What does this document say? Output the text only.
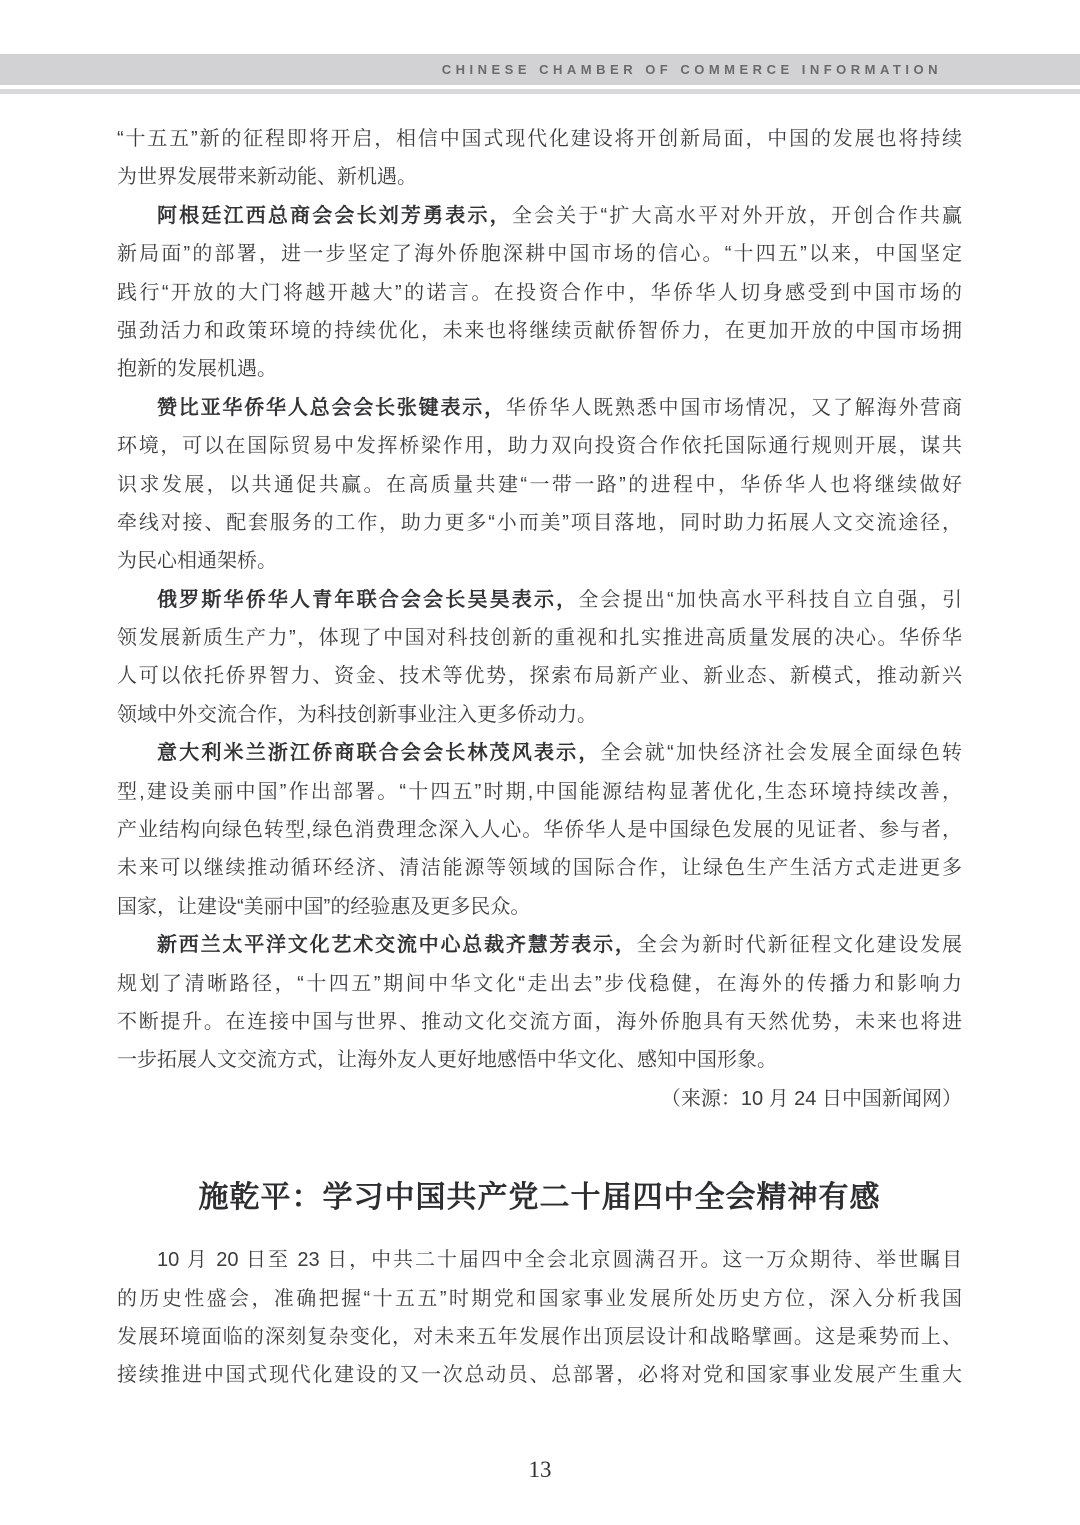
CHINESE CHAMBER OF COMMERCE INFORMATION
“十五五”新的征程即将开启，相信中国式现代化建设将开创新局面，中国的发展也将持续
为世界发展带来新动能、新机遇。
阿根廷江西总商会会长刘芳勇表示，全会关于“扩大高水平对外开放，开创合作共赢
新局面”的部署，进一步坚定了海外侨胞深耕中国市场的信心。“十四五”以来，中国坚定
践行“开放的大门将越开越大”的诺言。在投资合作中，华侨华人切身感受到中国市场的
强劲活力和政策环境的持续优化，未来也将继续贡献侨智侨力，在更加开放的中国市场拥
抱新的发展机遇。
赞比亚华侨华人总会会长张键表示，华侨华人既熟悉中国市场情况，又了解海外营商
环境，可以在国际贸易中发挥桥梁作用，助力双向投资合作依托国际通行规则开展，谋共
识求发展，以共通促共赢。在高质量共建“一带一路”的进程中，华侨华人也将继续做好
牵线对接、配套服务的工作，助力更多“小而美”项目落地，同时助力拓展人文交流途径，
为民心相通架桥。
俄罗斯华侨华人青年联合会会长吴昊表示，全会提出“加快高水平科技自立自强，引
领发展新质生产力”，体现了中国对科技创新的重视和扎实推进高质量发展的决心。华侨华
人可以依托侨界智力、资金、技术等优势，探索布局新产业、新业态、新模式，推动新兴
领域中外交流合作，为科技创新事业注入更多侨动力。
意大利米兰浙江侨商联合会会长林茂风表示，全会就“加快经济社会发展全面绿色转
型,建设美丽中国”作出部署。“十四五”时期,中国能源结构显著优化,生态环境持续改善，
产业结构向绿色转型,绿色消费理念深入人心。华侨华人是中国绿色发展的见证者、参与者，
未来可以继续推动循环经济、清洁能源等领域的国际合作，让绿色生产生活方式走进更多
国家，让建设“美丽中国”的经验惠及更多民众。
新西兰太平洋文化艺术交流中心总裁齐慧芳表示，全会为新时代新征程文化建设发展
规划了清晰路径，“十四五”期间中华文化“走出去”步伐稳健，在海外的传播力和影响力
不断提升。在连接中国与世界、推动文化交流方面，海外侨胞具有天然优势，未来也将进
一步拓展人文交流方式，让海外友人更好地感悟中华文化、感知中国形象。
（来源：10 月 24 日中国新闻网）
施乾平：学习中国共产党二十届四中全会精神有感
10 月 20 日至 23 日，中共二十届四中全会北京圆满召开。这一万众期待、举世瞩目
的历史性盛会，准确把握“十五五”时期党和国家事业发展所处历史方位，深入分析我国
发展环境面临的深刻复杂变化，对未来五年发展作出顶层设计和战略擘画。这是乘势而上、
接续推进中国式现代化建设的又一次总动员、总部署，必将对党和国家事业发展产生重大
13
